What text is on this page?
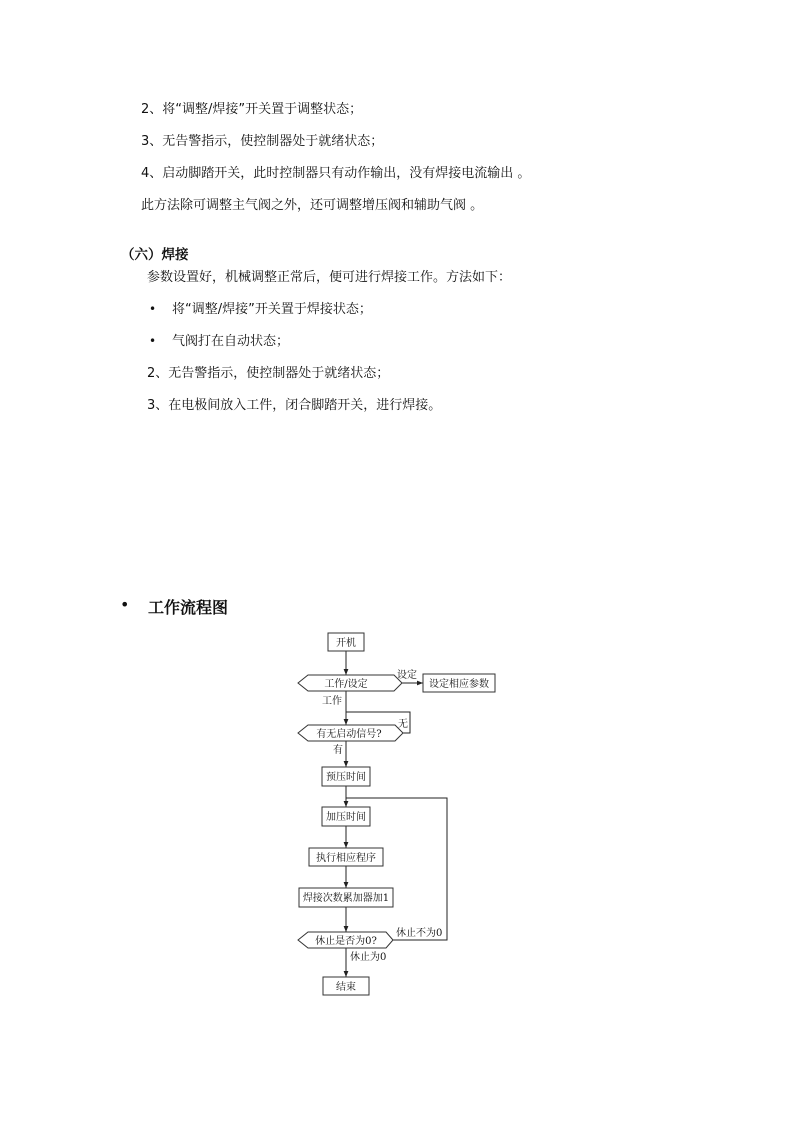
2、将“调整/焊接”开关置于调整状态；
3、无告警指示，使控制器处于就绪状态；
4、启动脚踏开关，此时控制器只有动作输出，没有焊接电流输出 。
此方法除可调整主气阀之外，还可调整增压阀和辅助气阀 。
（六）焊接
参数设置好，机械调整正常后，便可进行焊接工作。方法如下：
• 将“调整/焊接”开关置于焊接状态；
• 气阀打在自动状态；
2、无告警指示，使控制器处于就绪状态；
3、在电极间放入工件，闭合脚踏开关，进行焊接。
• 工作流程图
开机
工作/设定
设定
设定相应参数
工作
有无启动信号?
无
有
预压时间
加压时间
执行相应程序
焊接次数累加器加1
休止是否为0?
休止不为0
休止为0
结束
